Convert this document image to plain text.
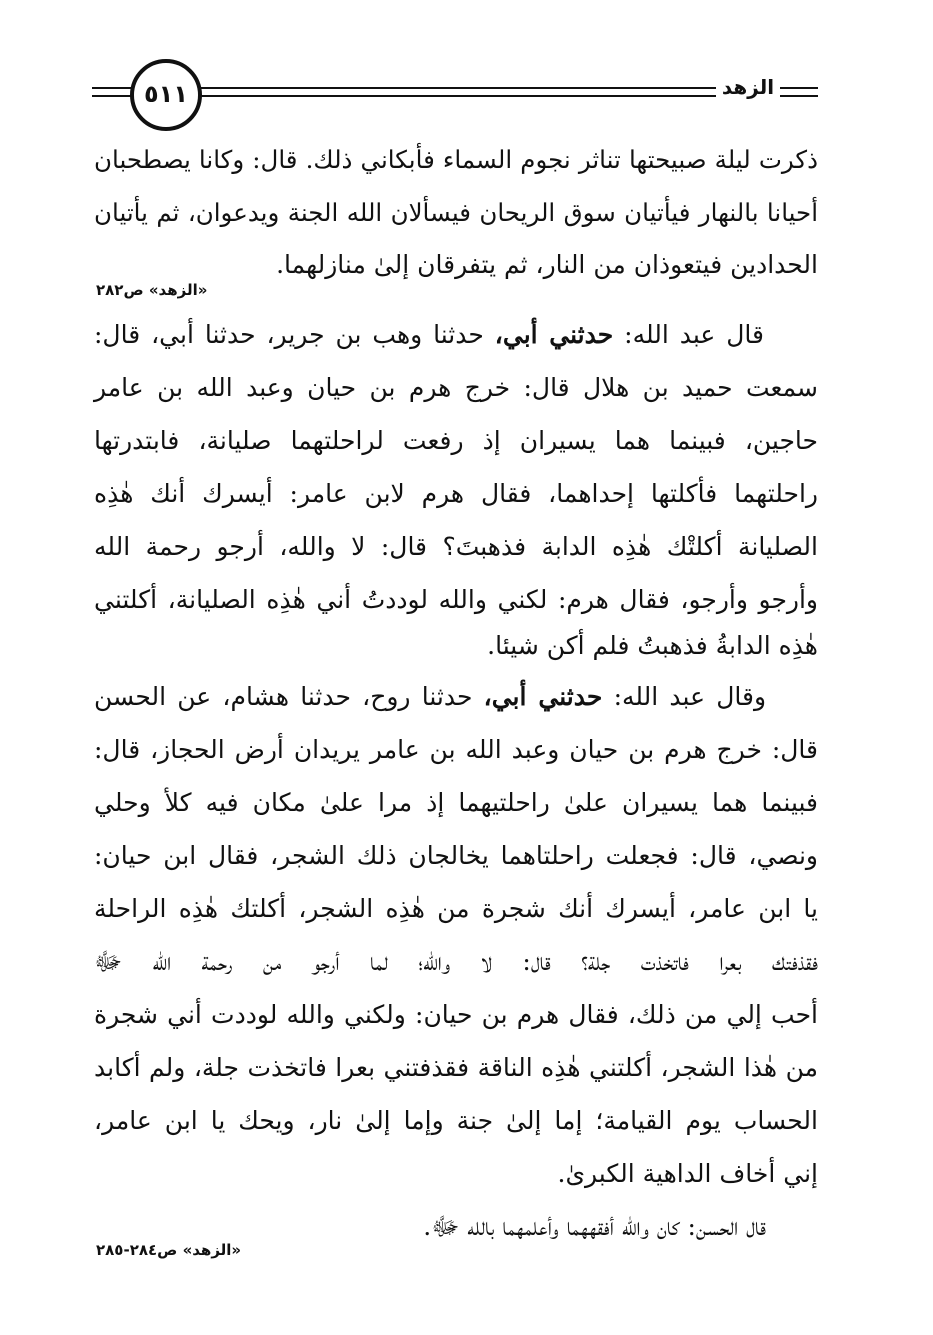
٥١١	الزهد
ذكرت ليلة صبيحتها تناثر نجوم السماء فأبكاني ذلك. قال: وكانا يصطحبان
أحيانا بالنهار فيأتيان سوق الريحان فيسألان الله الجنة ويدعوان، ثم يأتيان
الحدادين فيتعوذان من النار، ثم يتفرقان إلىٰ منازلهما.
«الزهد» ص٢٨٢
قال عبد الله: حدثني أبي، حدثنا وهب بن جرير، حدثنا أبي، قال:
سمعت حميد بن هلال قال: خرج هرم بن حيان وعبد الله بن عامر
حاجين، فبينما هما يسيران إذ رفعت لراحلتهما صليانة، فابتدرتها
راحلتهما فأكلتها إحداهما، فقال هرم لابن عامر: أيسرك أنك هٰذِه
الصليانة أكلتْك هٰذِه الدابة فذهبتَ؟ قال: لا والله، أرجو رحمة الله
وأرجو وأرجو، فقال هرم: لكني والله لوددتُ أني هٰذِه الصليانة، أكلتني
هٰذِه الدابةُ فذهبتُ فلم أكن شيئا.
وقال عبد الله: حدثني أبي، حدثنا روح، حدثنا هشام، عن الحسن
قال: خرج هرم بن حيان وعبد الله بن عامر يريدان أرض الحجاز، قال:
فبينما هما يسيران علىٰ راحلتيهما إذ مرا علىٰ مكان فيه كلأ وحلي
ونصي، قال: فجعلت راحلتاهما يخالجان ذلك الشجر، فقال ابن حيان:
يا ابن عامر، أيسرك أنك شجرة من هٰذِه الشجر، أكلتك هٰذِه الراحلة
فقذفتك بعرا فاتخذت جلة؟ قال: لا والله؛ لما أرجو من رحمة الله ﷻ
أحب إلي من ذلك، فقال هرم بن حيان: ولكني والله لوددت أني شجرة
من هٰذا الشجر، أكلتني هٰذِه الناقة فقذفتني بعرا فاتخذت جلة، ولم أكابد
الحساب يوم القيامة؛ إما إلىٰ جنة وإما إلىٰ نار، ويحك يا ابن عامر،
إني أخاف الداهية الكبرىٰ.
قال الحسن: كان والله أفقههما وأعلمهما بالله ﷻ.
«الزهد» ص٢٨٤-٢٨٥
